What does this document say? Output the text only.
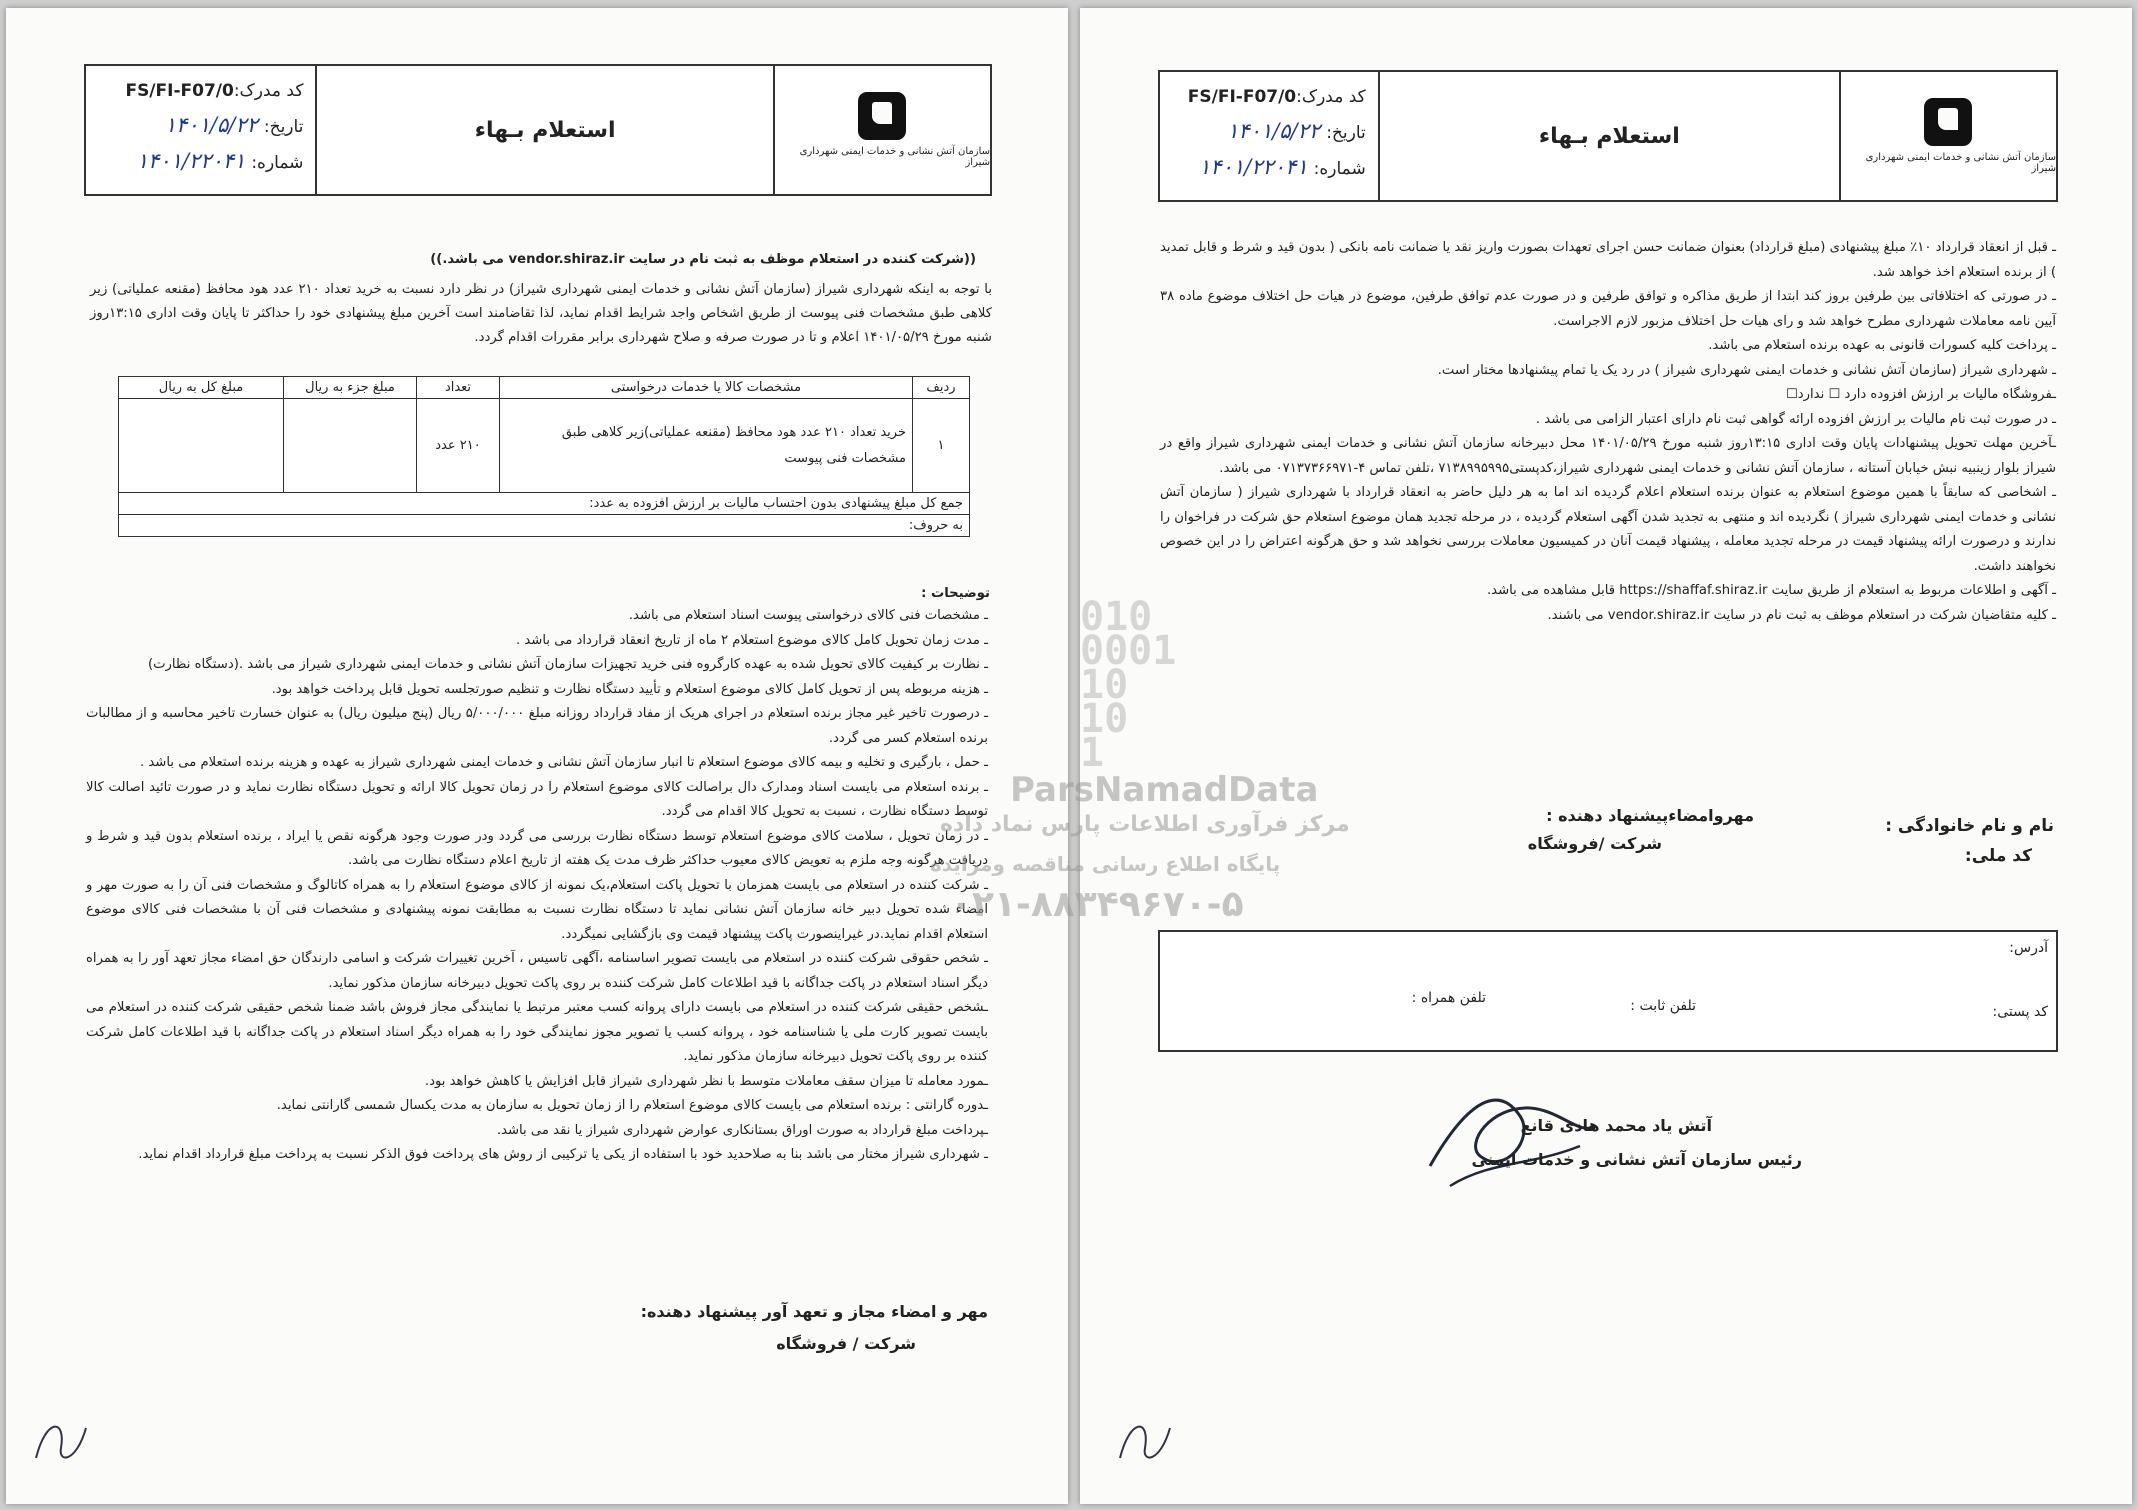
کد مدرک:FS/FI-F07/0
تاریخ:۱۴۰۱/۵/۲۲
شماره:۱۴۰۱/۲۲۰۴۱
استعلام بـهاء
سازمان آتش نشانی و خدمات ایمنی شهرداری شیراز

ـ قبل از انعقاد قرارداد ۱۰٪ مبلغ پیشنهادی (مبلغ قرارداد) بعنوان ضمانت حسن اجرای تعهدات بصورت واریز نقد یا ضمانت نامه بانکی ( بدون قید و شرط و قابل تمدید ) از برنده استعلام اخذ خواهد شد.

ـ در صورتی که اختلافاتی بین طرفین بروز کند ابتدا از طریق مذاکره و توافق طرفین و در صورت عدم توافق طرفین، موضوع در هیات حل اختلاف موضوع ماده ۳۸ آیین نامه معاملات شهرداری مطرح خواهد شد و رای هیات حل اختلاف مزبور لازم الاجراست.

ـ پرداخت کلیه کسورات قانونی به عهده برنده استعلام می باشد.

ـ شهرداری شیراز (سازمان آتش نشانی و خدمات ایمنی شهرداری شیراز ) در رد یک یا تمام پیشنهادها مختار است.

ـفروشگاه مالیات بر ارزش افزوده دارد ☐ ندارد☐

ـ در صورت ثبت نام مالیات بر ارزش افزوده ارائه گواهی ثبت نام دارای اعتبار الزامی می باشد .

ـآخرین مهلت تحویل پیشنهادات پایان وقت اداری ۱۳:۱۵روز شنبه مورخ ۱۴۰۱/۰۵/۲۹ محل دبیرخانه سازمان آتش نشانی و خدمات ایمنی شهرداری شیراز واقع در شیراز بلوار زینبیه نبش خیابان آستانه ، سازمان آتش نشانی و خدمات ایمنی شهرداری شیراز،کدپستی۷۱۳۸۹۹۵۹۹۵ ،تلفن تماس ۴-۰۷۱۳۷۳۶۶۹۷۱ می باشد.

ـ اشخاصی که سابقاً با همین موضوع استعلام به عنوان برنده استعلام اعلام گردیده اند اما به هر دلیل حاضر به انعقاد قرارداد با شهرداری شیراز ( سازمان آتش نشانی و خدمات ایمنی شهرداری شیراز ) نگردیده اند و منتهی به تجدید شدن آگهی استعلام گردیده ، در مرحله تجدید همان موضوع استعلام حق شرکت در فراخوان را ندارند و درصورت ارائه پیشنهاد قیمت در مرحله تجدید معامله ، پیشنهاد قیمت آنان در کمیسیون معاملات بررسی نخواهد شد و حق هرگونه اعتراض را در این خصوص نخواهند داشت.

ـ آگهی و اطلاعات مربوط به استعلام از طریق سایت https://shaffaf.shiraz.ir قابل مشاهده می باشد.

ـ کلیه متقاضیان شرکت در استعلام موظف به ثبت نام در سایت vendor.shiraz.ir می باشند.

نام و نام خانوادگی :
کد ملی:
مهروامضاءپیشنهاد دهنده :
شرکت /فروشگاه
آدرس:
کد پستی:
تلفن ثابت :
تلفن همراه :
آتش یاد محمد هادی قانع
رئیس سازمان آتش نشانی و خدمات ایمنی
کد مدرک:FS/FI-F07/0
تاریخ:۱۴۰۱/۵/۲۲
شماره:۱۴۰۱/۲۲۰۴۱
استعلام بـهاء
سازمان آتش نشانی و خدمات ایمنی شهرداری شیراز
((شرکت کننده در استعلام موظف به ثبت نام در سایت vendor.shiraz.ir می باشد.))
با توجه به اینکه شهرداری شیراز (سازمان آتش نشانی و خدمات ایمنی شهرداری شیراز) در نظر دارد نسبت به خرید تعداد ۲۱۰ عدد هود محافظ (مقنعه عملیاتی) زیر کلاهی طبق مشخصات فنی پیوست از طریق اشخاص واجد شرایط اقدام نماید، لذا تقاضامند است آخرین مبلغ پیشنهادی خود را حداکثر تا پایان وقت اداری ۱۳:۱۵روز شنبه مورخ ۱۴۰۱/۰۵/۲۹ اعلام و تا در صورت صرفه و صلاح شهرداری برابر مقررات اقدام گردد.
ردیف	مشخصات کالا یا خدمات درخواستی	تعداد	مبلغ جزء به ریال	مبلغ کل به ریال
۱	خرید تعداد ۲۱۰ عدد هود محافظ (مقنعه عملیاتی)زیر کلاهی طبق مشخصات فنی پیوست	۲۱۰ عدد		
جمع کل مبلغ پیشنهادی بدون احتساب مالیات بر ارزش افزوده به عدد:				
به حروف:				
توضیحات :

ـ مشخصات فنی کالای درخواستی پیوست اسناد استعلام می باشد.

ـ مدت زمان تحویل کامل کالای موضوع استعلام ۲ ماه از تاریخ انعقاد قرارداد می باشد .

ـ نظارت بر کیفیت کالای تحویل شده به عهده کارگروه فنی خرید تجهیزات سازمان آتش نشانی و خدمات ایمنی شهرداری شیراز می باشد .(دستگاه نظارت)

ـ هزینه مربوطه پس از تحویل کامل کالای موضوع استعلام و تأیید دستگاه نظارت و تنظیم صورتجلسه تحویل قابل پرداخت خواهد بود.

ـ درصورت تاخیر غیر مجاز برنده استعلام در اجرای هریک از مفاد قرارداد روزانه مبلغ ۵/۰۰۰/۰۰۰ ریال (پنج میلیون ریال) به عنوان خسارت تاخیر محاسبه و از مطالبات برنده استعلام کسر می گردد.

ـ حمل ، بارگیری و تخلیه و بیمه کالای موضوع استعلام تا انبار سازمان آتش نشانی و خدمات ایمنی شهرداری شیراز به عهده و هزینه برنده استعلام می باشد .

ـ برنده استعلام می بایست اسناد ومدارک دال براصالت کالای موضوع استعلام را در زمان تحویل کالا ارائه و تحویل دستگاه نظارت نماید و در صورت تائید اصالت کالا توسط دستگاه نظارت ، نسبت به تحویل کالا اقدام می گردد.

ـ در زمان تحویل ، سلامت کالای موضوع استعلام توسط دستگاه نظارت بررسی می گردد ودر صورت وجود هرگونه نقص یا ایراد ، برنده استعلام بدون قید و شرط و دریافت هرگونه وجه ملزم به تعویض کالای معیوب حداکثر ظرف مدت یک هفته از تاریخ اعلام دستگاه نظارت می باشد.

ـ شرکت کننده در استعلام می بایست همزمان با تحویل پاکت استعلام،یک نمونه از کالای موضوع استعلام را به همراه کاتالوگ و مشخصات فنی آن را به صورت مهر و امضاء شده تحویل دبیر خانه سازمان آتش نشانی نماید تا دستگاه نظارت نسبت به مطابقت نمونه پیشنهادی و مشخصات فنی آن با مشخصات فنی کالای موضوع استعلام اقدام نماید.در غیراینصورت پاکت پیشنهاد قیمت وی بازگشایی نمیگردد.

ـ شخص حقوقی شرکت کننده در استعلام می بایست تصویر اساسنامه ،آگهی تاسیس ، آخرین تغییرات شرکت و اسامی دارندگان حق امضاء مجاز تعهد آور را به همراه دیگر اسناد استعلام در پاکت جداگانه با قید اطلاعات کامل شرکت کننده بر روی پاکت تحویل دبیرخانه سازمان مذکور نماید.

ـشخص حقیقی شرکت کننده در استعلام می بایست دارای پروانه کسب معتبر مرتبط یا نمایندگی مجاز فروش باشد ضمنا شخص حقیقی شرکت کننده در استعلام می بایست تصویر کارت ملی یا شناسنامه خود ، پروانه کسب یا تصویر مجوز نمایندگی خود را به همراه دیگر اسناد استعلام در پاکت جداگانه با قید اطلاعات کامل شرکت کننده بر روی پاکت تحویل دبیرخانه سازمان مذکور نماید.

ـمورد معامله تا میزان سقف معاملات متوسط با نظر شهرداری شیراز قابل افزایش یا کاهش خواهد بود.

ـدوره گارانتی : برنده استعلام می بایست کالای موضوع استعلام را از زمان تحویل به سازمان به مدت یکسال شمسی گارانتی نماید.

ـپرداخت مبلغ قرارداد به صورت اوراق بستانکاری عوارض شهرداری شیراز یا نقد می باشد.

ـ شهرداری شیراز مختار می باشد بنا به صلاحدید خود با استفاده از یکی یا ترکیبی از روش های پرداخت فوق الذکر نسبت به پرداخت مبلغ قرارداد اقدام نماید.

مهر و امضاء مجاز و تعهد آور پیشنهاد دهنده:
شرکت / فروشگاه
010
0001
10
10
1
ParsNamadData
مرکز فرآوری اطلاعات پارس نماد داده
پایگاه اطلاع رسانی مناقصه ومزایده
۰۲۱-۸۸۳۴۹۶۷۰-۵
